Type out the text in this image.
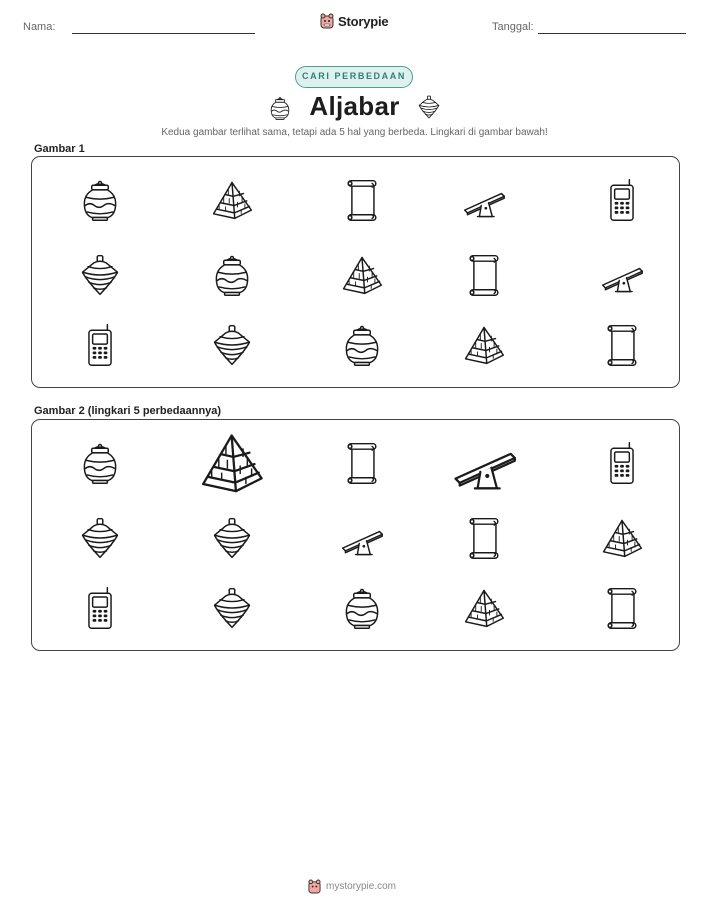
Nama:	Storypie	Tanggal:
CARI PERBEDAAN
Aljabar
Kedua gambar terlihat sama, tetapi ada 5 hal yang berbeda. Lingkari di gambar bawah!
Gambar 1
Gambar 2 (lingkari 5 perbedaannya)
mystorypie.com
